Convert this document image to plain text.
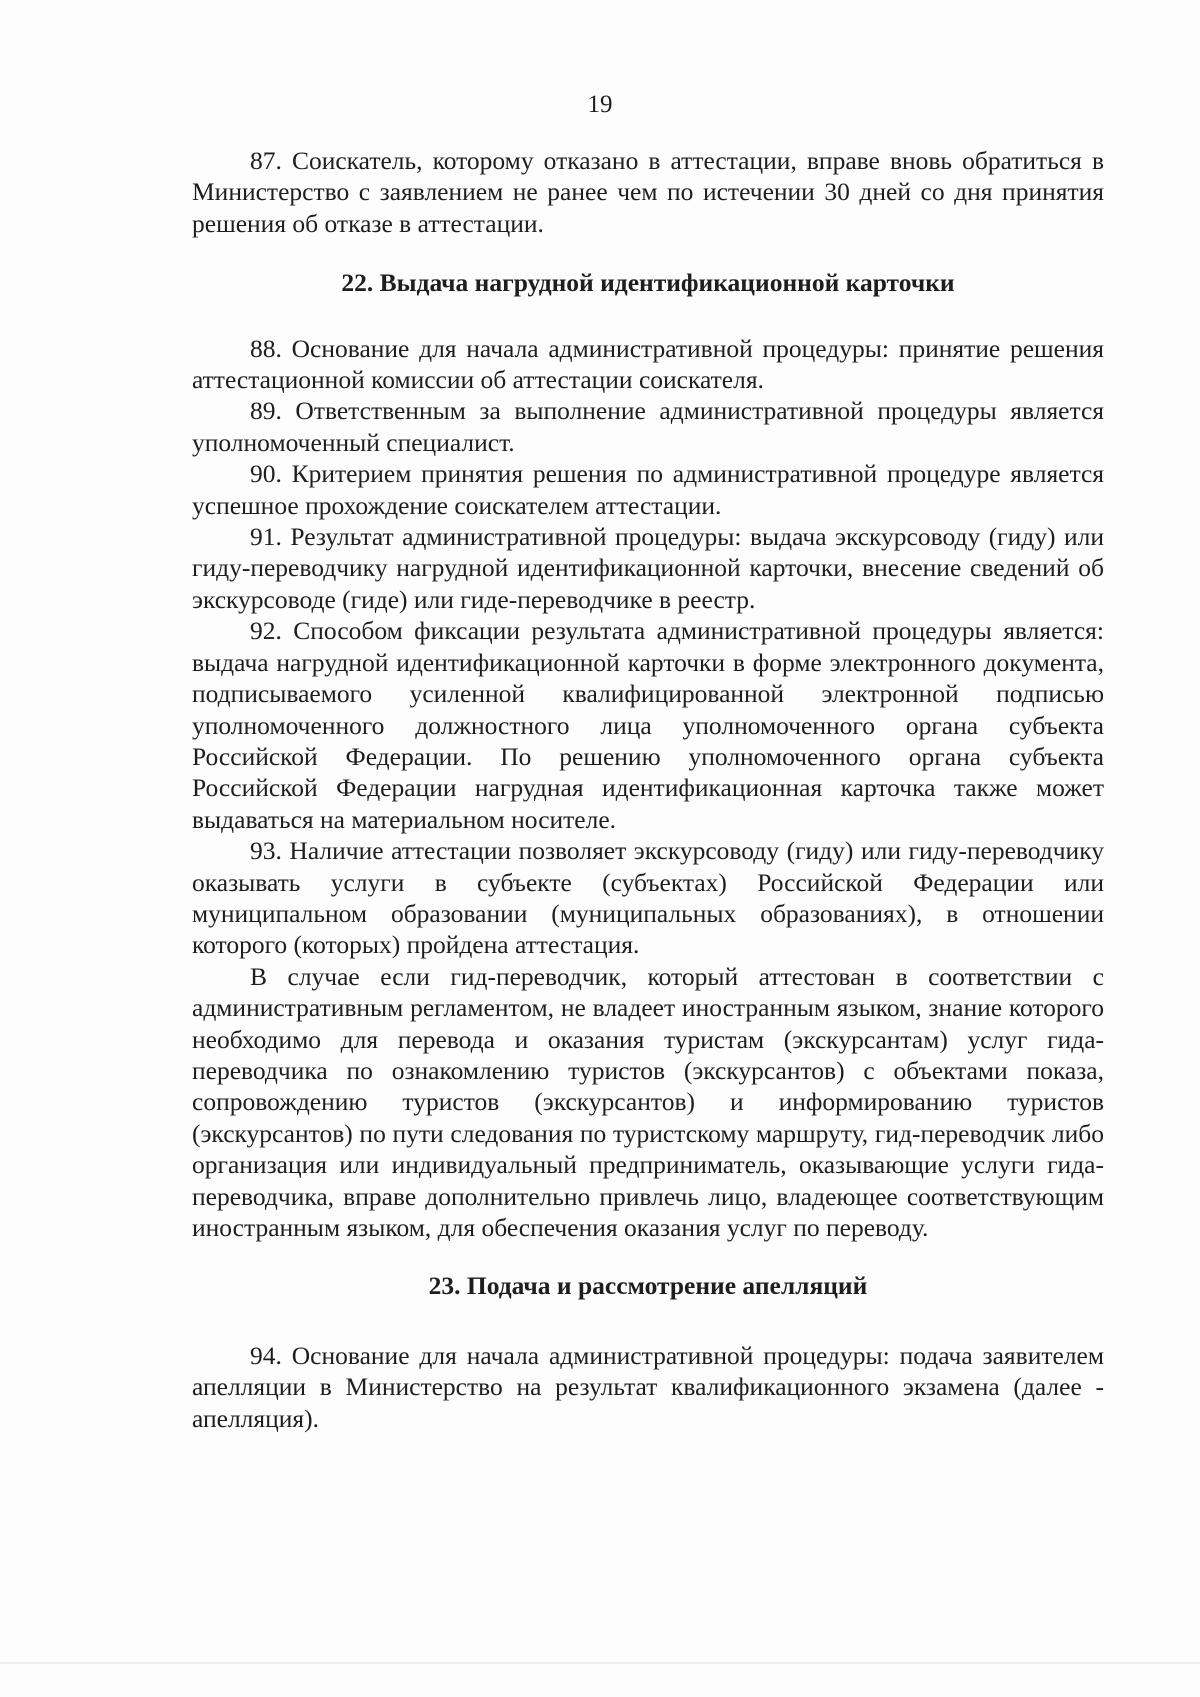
19

87. Соискатель, которому отказано в аттестации, вправе вновь обратиться в Министерство с заявлением не ранее чем по истечении 30 дней со дня принятия решения об отказе в аттестации.

22. Выдача нагрудной идентификационной карточки

88. Основание для начала административной процедуры: принятие решения аттестационной комиссии об аттестации соискателя.

89. Ответственным за выполнение административной процедуры является уполномоченный специалист.

90. Критерием принятия решения по административной процедуре является успешное прохождение соискателем аттестации.

91. Результат административной процедуры: выдача экскурсоводу (гиду) или гиду-переводчику нагрудной идентификационной карточки, внесение сведений об экскурсоводе (гиде) или гиде-переводчике в реестр.

92. Способом фиксации результата административной процедуры является: выдача нагрудной идентификационной карточки в форме электронного документа, подписываемого усиленной квалифицированной электронной подписью уполномоченного должностного лица уполномоченного органа субъекта Российской Федерации. По решению уполномоченного органа субъекта Российской Федерации нагрудная идентификационная карточка также может выдаваться на материальном носителе.

93. Наличие аттестации позволяет экскурсоводу (гиду) или гиду-переводчику оказывать услуги в субъекте (субъектах) Российской Федерации или муниципальном образовании (муниципальных образованиях), в отношении которого (которых) пройдена аттестация.

В случае если гид-переводчик, который аттестован в соответствии с административным регламентом, не владеет иностранным языком, знание которого необходимо для перевода и оказания туристам (экскурсантам) услуг гида-переводчика по ознакомлению туристов (экскурсантов) с объектами показа, сопровождению туристов (экскурсантов) и информированию туристов (экскурсантов) по пути следования по туристскому маршруту, гид-переводчик либо организация или индивидуальный предприниматель, оказывающие услуги гида-переводчика, вправе дополнительно привлечь лицо, владеющее соответствующим иностранным языком, для обеспечения оказания услуг по переводу.

23. Подача и рассмотрение апелляций

94. Основание для начала административной процедуры: подача заявителем апелляции в Министерство на результат квалификационного экзамена (далее - апелляция).
